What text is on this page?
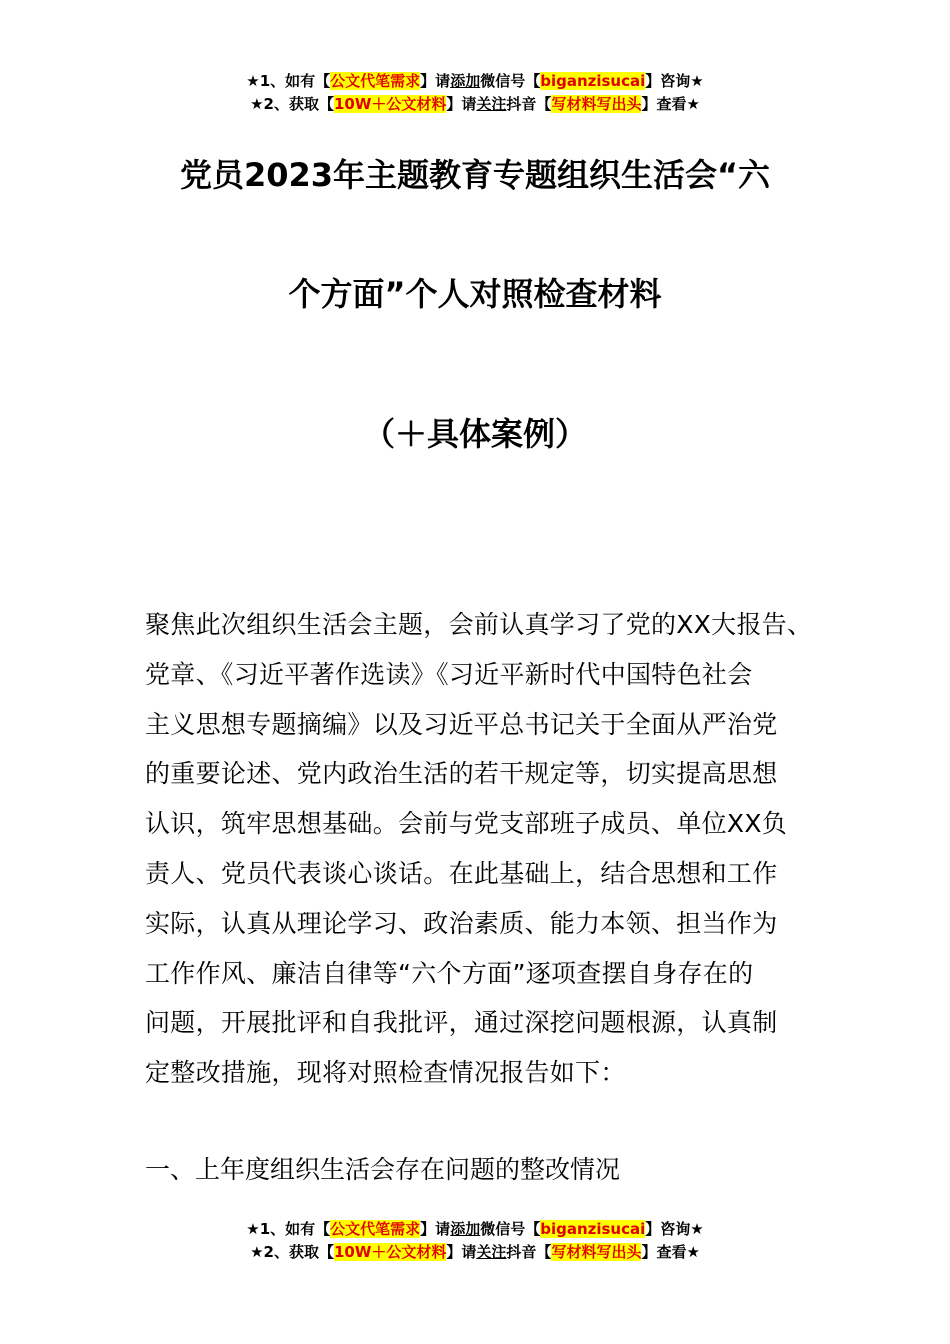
★1、如有【公文代笔需求】请添加微信号【biganzisucai】咨询★
★2、获取【10W＋公文材料】请关注抖音【写材料写出头】查看★
党员2023年主题教育专题组织生活会“六
个方面”个人对照检查材料
（＋具体案例）
聚焦此次组织生活会主题，会前认真学习了党的XX大报告、
党章、《习近平著作选读》《习近平新时代中国特色社会
主义思想专题摘编》以及习近平总书记关于全面从严治党
的重要论述、党内政治生活的若干规定等，切实提高思想
认识，筑牢思想基础。会前与党支部班子成员、单位XX负
责人、党员代表谈心谈话。在此基础上，结合思想和工作
实际，认真从理论学习、政治素质、能力本领、担当作为
工作作风、廉洁自律等“六个方面”逐项查摆自身存在的
问题，开展批评和自我批评，通过深挖问题根源，认真制
定整改措施，现将对照检查情况报告如下：
一、上年度组织生活会存在问题的整改情况
★1、如有【公文代笔需求】请添加微信号【biganzisucai】咨询★
★2、获取【10W＋公文材料】请关注抖音【写材料写出头】查看★
